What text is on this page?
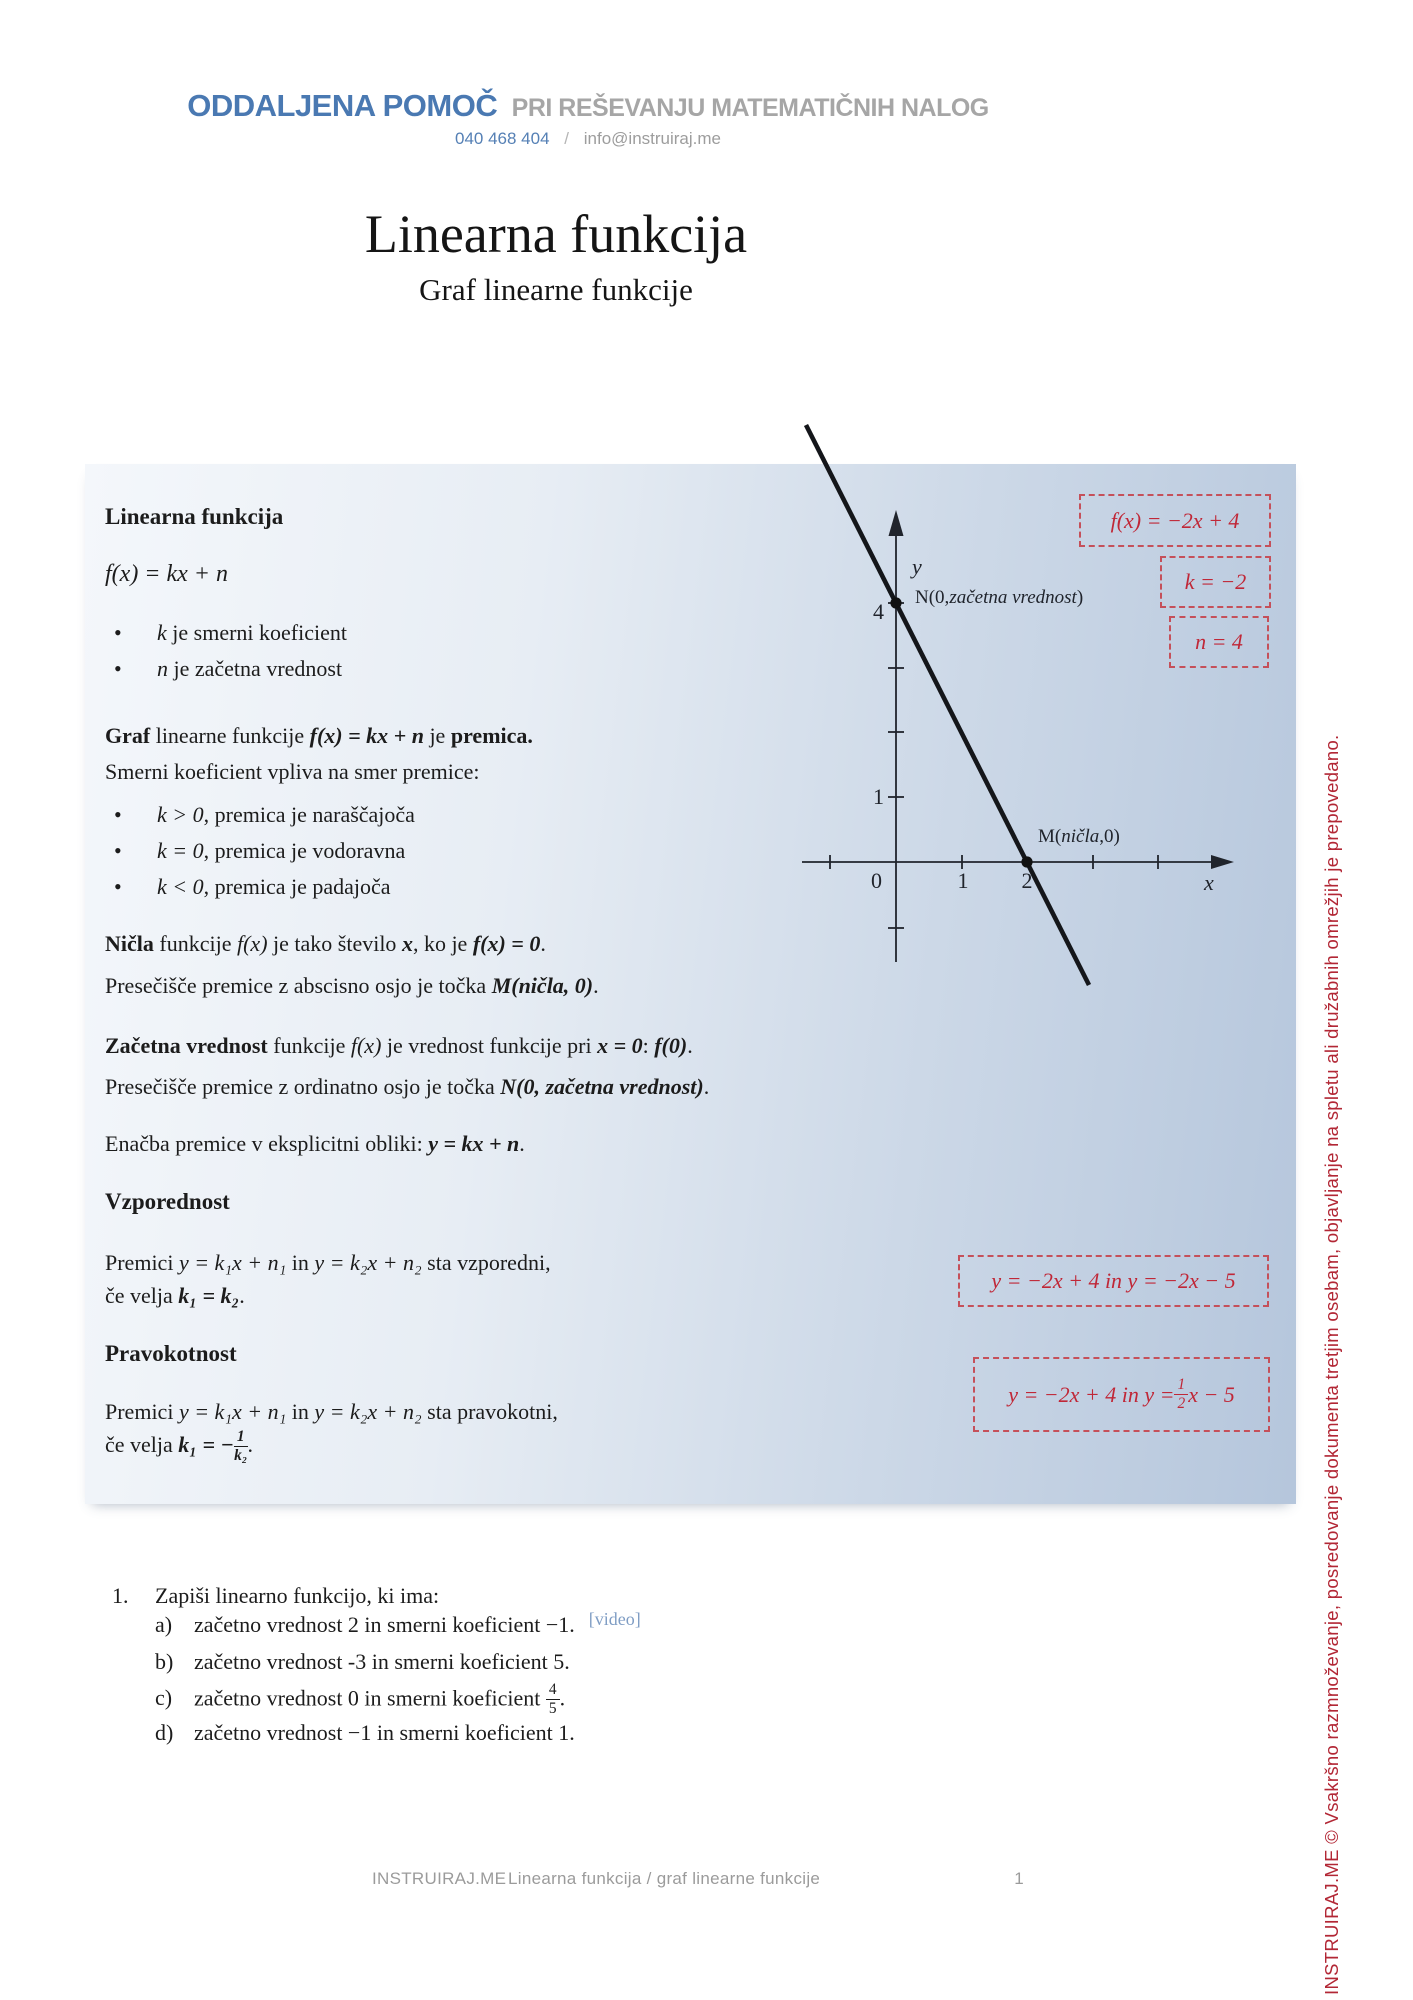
ODDALJENA POMOČ PRI REŠEVANJU MATEMATIČNIH NALOG
040 468 404 / info@instruiraj.me
Linearna funkcija
Graf linearne funkcije
Linearna funkcija
f(x) = kx + n
• k je smerni koeficient
• n je začetna vrednost
Graf linearne funkcije f(x) = kx + n je premica.
Smerni koeficient vpliva na smer premice:
• k > 0, premica je naraščajoča
• k = 0, premica je vodoravna
• k < 0, premica je padajoča
Ničla funkcije f(x) je tako število x, ko je f(x) = 0.
Presečišče premice z abscisno osjo je točka M(ničla, 0).
Začetna vrednost funkcije f(x) je vrednost funkcije pri x = 0: f(0).
Presečišče premice z ordinatno osjo je točka N(0, začetna vrednost).
Enačba premice v eksplicitni obliki: y = kx + n.
Vzporednost
Premici y = k₁x + n₁ in y = k₂x + n₂ sta vzporedni,
če velja k₁ = k₂.
Pravokotnost
Premici y = k₁x + n₁ in y = k₂x + n₂ sta pravokotni,
če velja k₁ = − $\frac{1}{\text{k₂}}$ .
y
x
4
1
0	1 2
N(0,začetna vrednost)
M(ničla,0)
f(x) = −2x + 4
k = −2
n = 4
y = −2x + 4 in y = −2x − 5
y = −2x + 4 in $y = \frac{1}{2}$ x − 5
1. Zapiši linearno funkcijo, ki ima:
a) začetno vrednost 2 in smerni koeficient −1. [video]
b) začetno vrednost -3 in smerni koeficient 5.
c) začetno vrednost 0 in smerni koeficient $\frac{4}{5}$ .
d) začetno vrednost −1 in smerni koeficient 1.
INSTRUIRAJ.ME Linearna funkcija / graf linearne funkcije	1	INSTRUIRAJ.ME © Vsakršno razmnoževanje, posredovanje dokumenta tretjim osebam, objavljanje na spletu ali družabnih omrežjih je prepovedano.
